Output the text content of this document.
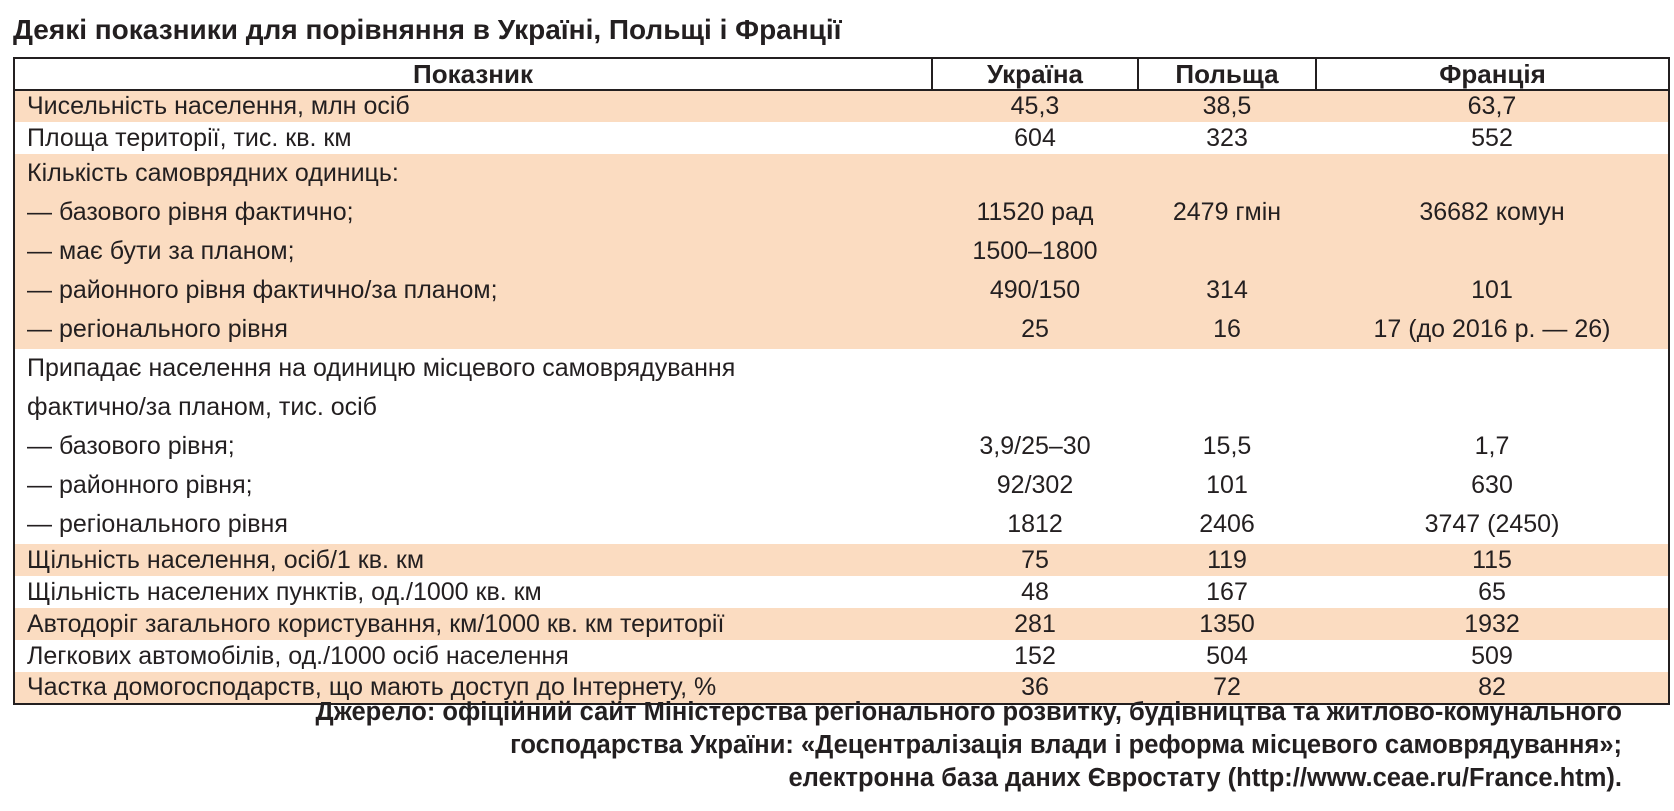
Деякі показники для порівняння в Україні, Польщі і Франції
Показник	Україна	Польща	Франція
Чисельність населення, млн осіб	45,3	38,5	63,7
Площа території, тис. кв. км	604	323	552
Кількість самоврядних одиниць:			
— базового рівня фактично;	11520 рад	2479 гмін	36682 комун
— має бути за планом;	1500–1800		
— районного рівня фактично/за планом;	490/150	314	101
— регіонального рівня	25	16	17 (до 2016 р. — 26)
Припадає населення на одиницю місцевого самоврядування			
фактично/за планом, тис. осіб			
— базового рівня;	3,9/25–30	15,5	1,7
— районного рівня;	92/302	101	630
— регіонального рівня	1812	2406	3747 (2450)
Щільність населення, осіб/1 кв. км	75	119	115
Щільність населених пунктів, од./1000 кв. км	48	167	65
Автодоріг загального користування, км/1000 кв. км території	281	1350	1932
Легкових автомобілів, од./1000 осіб населення	152	504	509
Частка домогосподарств, що мають доступ до Інтернету, %	36	72	82
Джерело: офіційний сайт Міністерства регіонального розвитку, будівництва та житлово-комунального
господарства України: «Децентралізація влади і реформа місцевого самоврядування»;
електронна база даних Євростату (http://www.ceae.ru/France.htm).
